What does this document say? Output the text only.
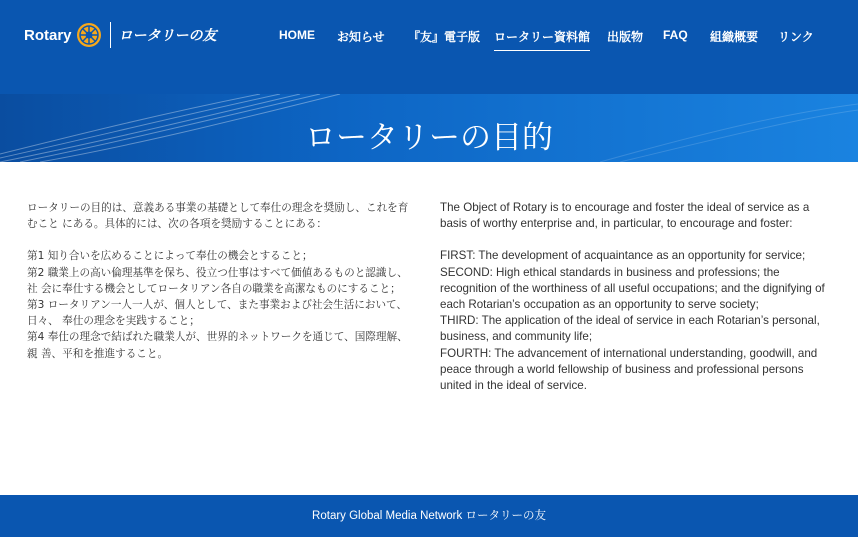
Rotary	ロータリーの友	HOME お知らせ 『友』電子版 ロータリー資料館 出版物 FAQ 組織概要 リンク
ロータリーの目的

ロータリーの目的は、意義ある事業の基礎として奉仕の理念を奨励し、これを育むこと にある。具体的には、次の各項を奨励することにある：

第1 知り合いを広めることによって奉仕の機会とすること；

第2 職業上の高い倫理基準を保ち、役立つ仕事はすべて価値あるものと認識し、社 会に奉仕する機会としてロータリアン各自の職業を高潔なものにすること；

第3 ロータリアン一人一人が、個人として、また事業および社会生活において、日々、 奉仕の理念を実践すること；

第4 奉仕の理念で結ばれた職業人が、世界的ネットワークを通じて、国際理解、親 善、平和を推進すること。

The Object of Rotary is to encourage and foster the ideal of service as a basis of worthy enterprise and, in particular, to encourage and foster:

FIRST: The development of acquaintance as an opportunity for service;

SECOND: High ethical standards in business and professions; the recognition of the worthiness of all useful occupations; and the dignifying of each Rotarian’s occupation as an opportunity to serve society;

THIRD: The application of the ideal of service in each Rotarian’s personal, business, and community life;

FOURTH: The advancement of international understanding, goodwill, and peace through a world fellowship of business and professional persons united in the ideal of service.

Rotary Global Media Network ロータリーの友
